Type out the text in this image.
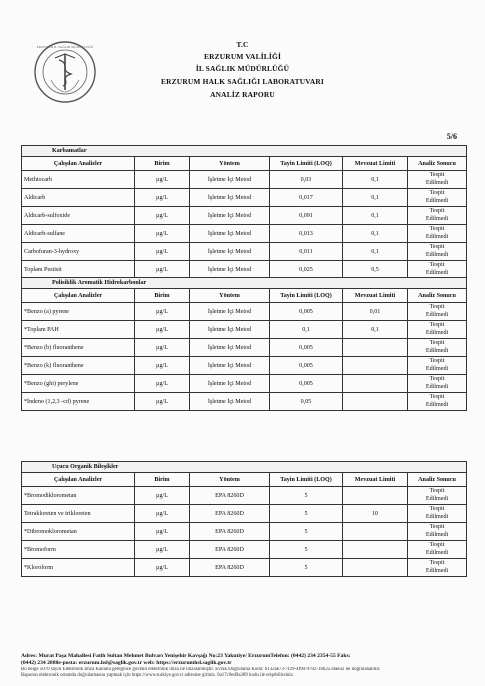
ERZURUM İL SAĞLIK MÜDÜRLÜĞÜ	T.C
ERZURUM VALİLİĞİ
İL SAĞLIK MÜDÜRLÜĞÜ
ERZURUM HALK SAĞLIĞI LABORATUVARI
ANALİZ RAPORU
5/6
Karbamatlar					
Çalışılan Analizler	Birim	Yöntem	Tayin Limiti (LOQ)	Mevzuat Limiti	Analiz Sonucu
Methiocarb	µg/L	İşletme İçi Metod	0,03	0,1	Tespit
Edilmedi

Aldicarb	µg/L	İşletme İçi Metod	0,017	0,1	Tespit
Edilmedi

Aldicarb-sulfoxide	µg/L	İşletme İçi Metod	0,091	0,1	Tespit
Edilmedi

Aldicarb-sulfane	µg/L	İşletme İçi Metod	0,013	0,1	Tespit
Edilmedi

Carbofuran-3-hydroxy	µg/L	İşletme İçi Metod	0,011	0,1	Tespit
Edilmedi

Toplam Pestisit	µg/L	İşletme İçi Metod	0,025	0,5	Tespit
Edilmedi
Polisiklik Aromatik Hidrokarbonlar					
Çalışılan Analizler	Birim	Yöntem	Tayin Limiti (LOQ)	Mevzuat Limiti	Analiz Sonucu
*Benzo (a) pyrene	µg/L	İşletme İçi Metod	0,005	0,01	Tespit
Edilmedi

*Toplam PAH	µg/L	İşletme İçi Metod	0,1	0,1	Tespit
Edilmedi

*Benzo (b) fluoranthene	µg/L	İşletme İçi Metod	0,005		Tespit
Edilmedi

*Benzo (k) fluoranthene	µg/L	İşletme İçi Metod	0,005		Tespit
Edilmedi

*Benzo (ghi) perylene	µg/L	İşletme İçi Metod	0,005		Tespit
Edilmedi

*İndeno (1,2,3 -cd) pyrene	µg/L	İşletme İçi Metod	0,05		Tespit
Edilmedi
Uçucu Organik Bileşikler					
Çalışılan Analizler	Birim	Yöntem	Tayin Limiti (LOQ)	Mevzuat Limiti	Analiz Sonucu
*Bromodiklorometan	µg/L	EPA 8260D	5		Tespit
Edilmedi

Tetrakloreten ve trikloreten	µg/L	EPA 8260D	5	10	Tespit
Edilmedi

*Dibromoklorometan	µg/L	EPA 8260D	5		Tespit
Edilmedi

*Bromoform	µg/L	EPA 8260D	5		Tespit
Edilmedi

*Kloroform	µg/L	EPA 8260D	5		Tespit
Edilmedi
Adres: Murat Paşa Mahallesi Fatih Sultan Mehmet Bulvarı Yenişehir Kavşağı No:23 Yakutiye/ ErzurumTelefon: (0442) 234 2354-55 Faks:
(0442) 234 2888e-posta: erzurum.hsl@saglik.gov.tr web: https://erzurumhsl.saglik.gov.tr
Bu belge 5070 sayılı Elektronik İmza Kanunu gereğince güvenli elektronik imza ile imzalanmıştır. Evrak Doğrulama Kodu: b132ae73-7f29-4f90-9702-1bb2534aeu2 ile doğrulanabilir.
Raporun elektronik ortamda doğrulamasını yapmak için https://www.turkiye.gov.tr adresine giriniz. 0a17c9ed9a389 kodu ile erişebilirsiniz.
